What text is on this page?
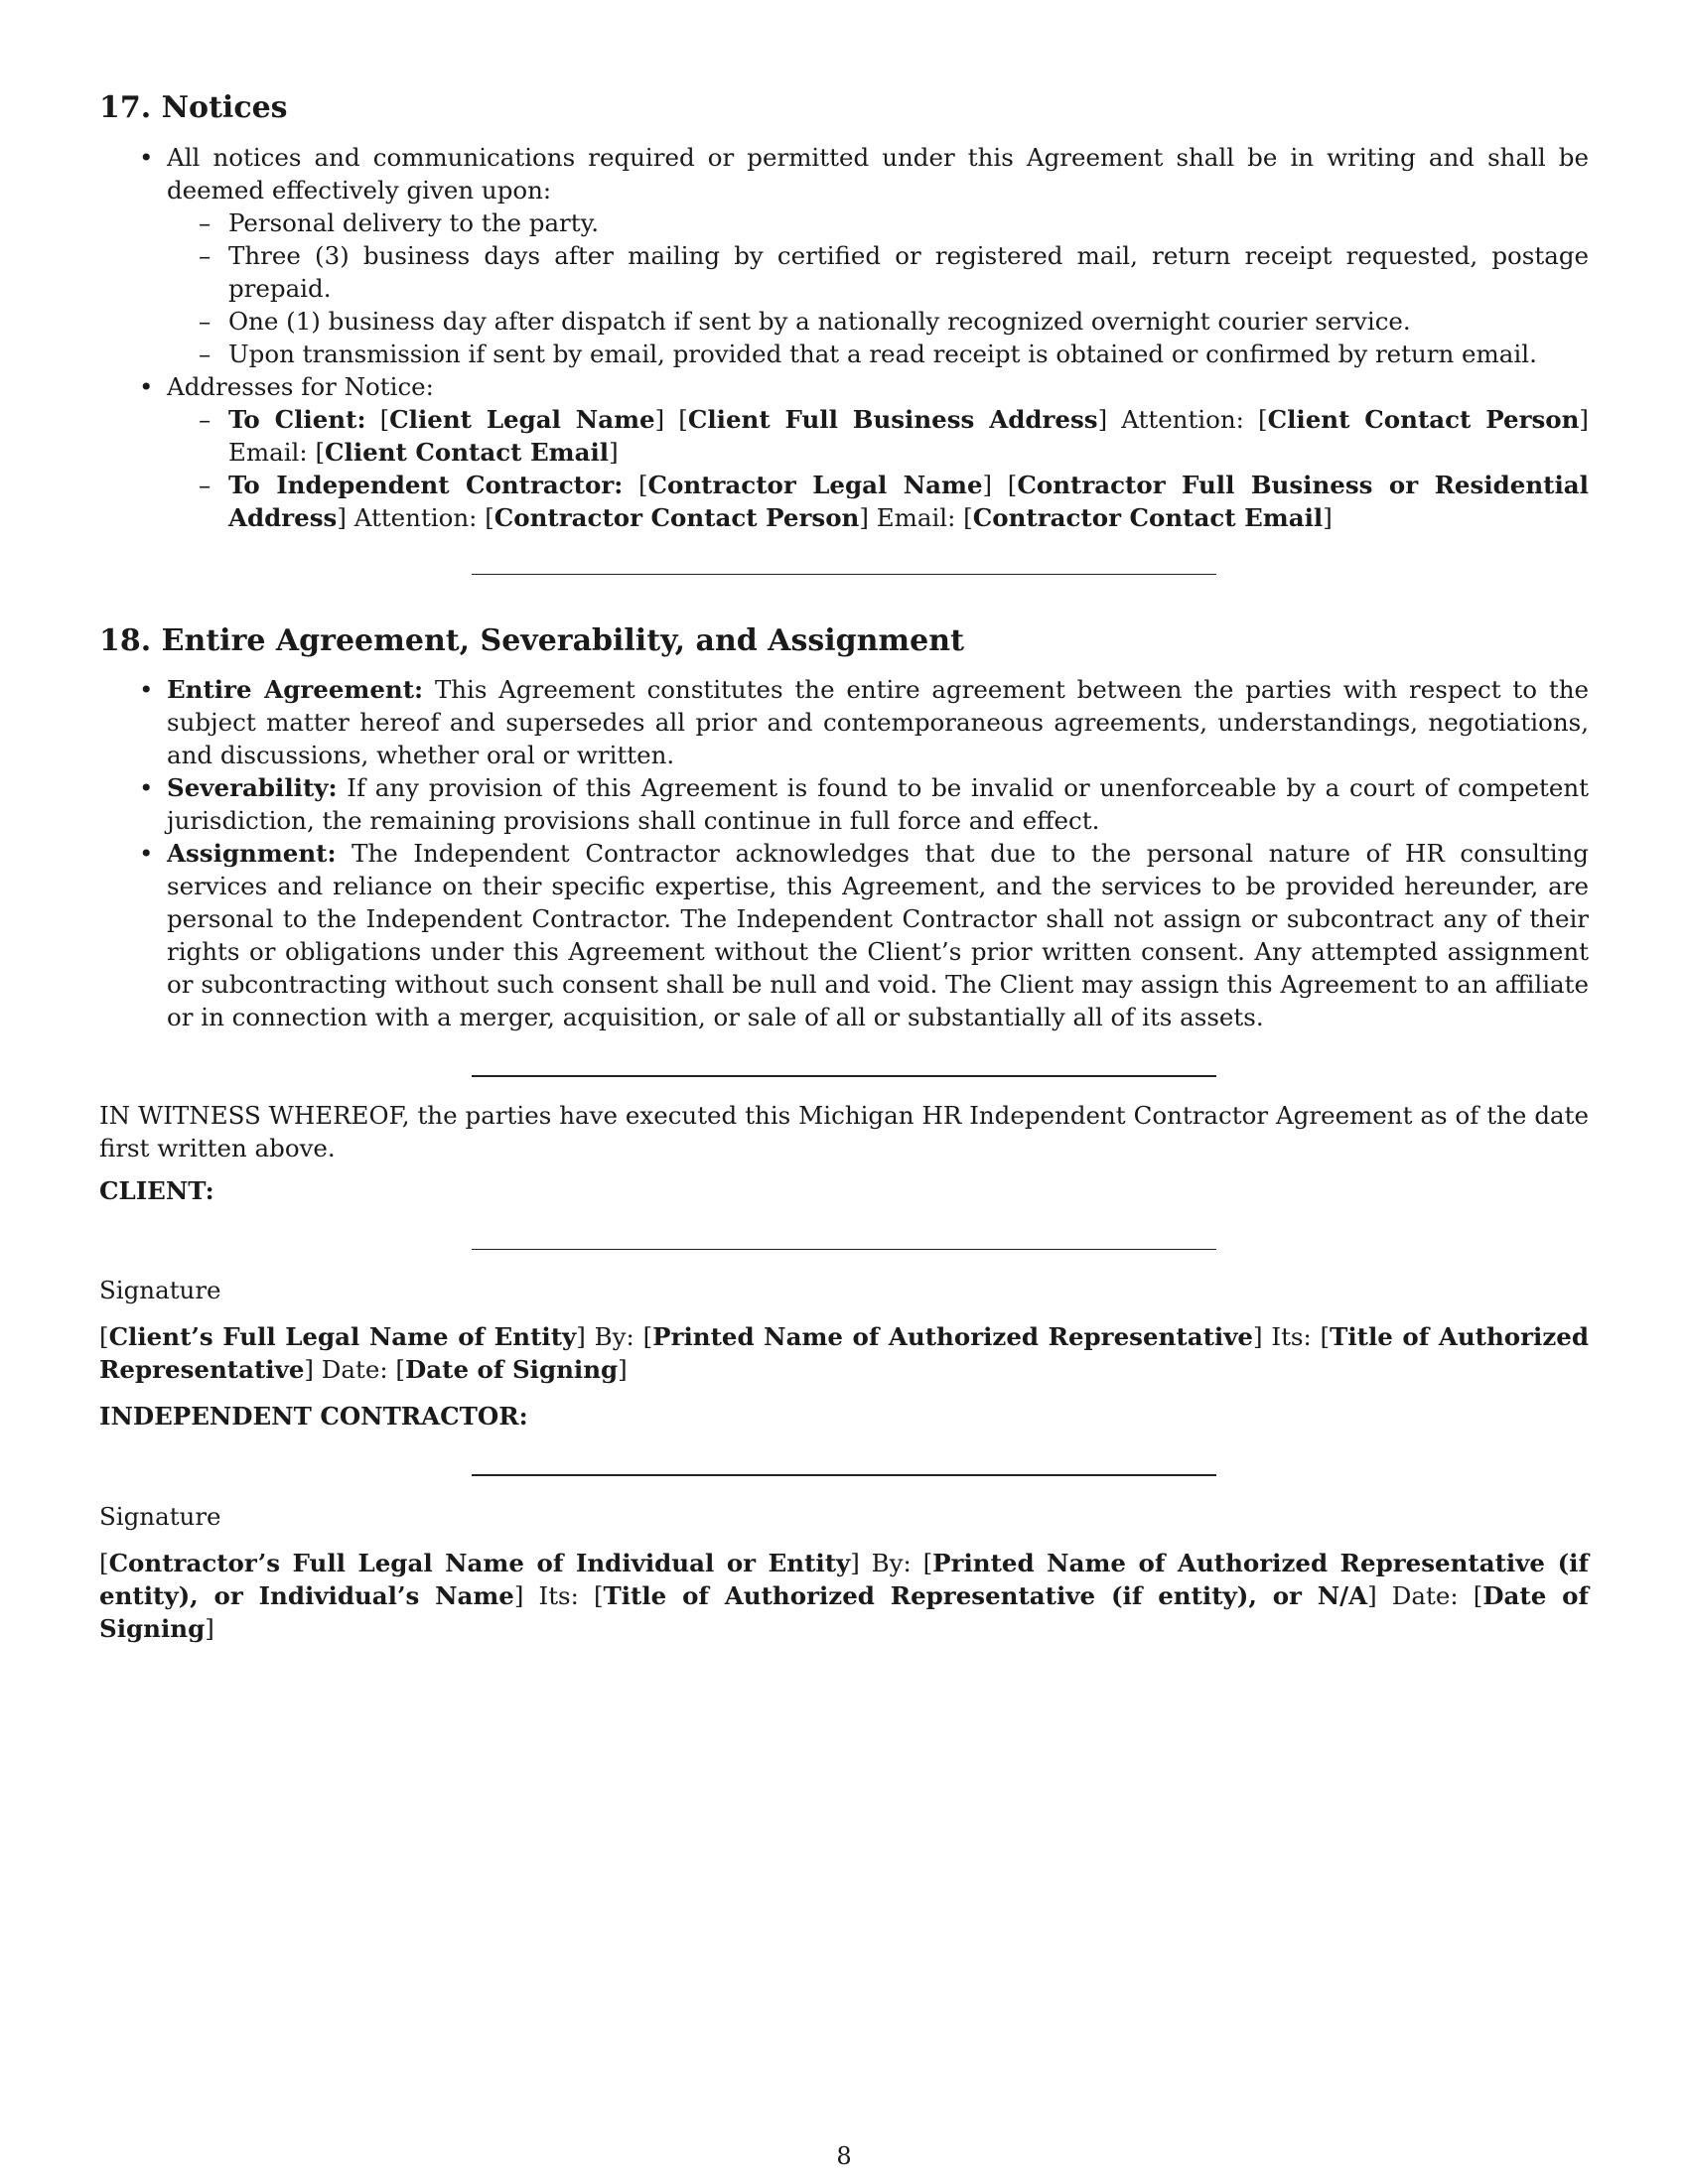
17. Notices
• All notices and communications required or permitted under this Agreement shall be in writing and shall be deemed effectively given upon:
– Personal delivery to the party.
– Three (3) business days after mailing by certified or registered mail, return receipt requested, postage prepaid.
– One (1) business day after dispatch if sent by a nationally recognized overnight courier service.
– Upon transmission if sent by email, provided that a read receipt is obtained or confirmed by return email.
• Addresses for Notice:
– To Client: [Client Legal Name] [Client Full Business Address] Attention: [Client Contact Person] Email: [Client Contact Email]
– To Independent Contractor: [Contractor Legal Name] [Contractor Full Business or Residential Address] Attention: [Contractor Contact Person] Email: [Contractor Contact Email]
18. Entire Agreement, Severability, and Assignment
• Entire Agreement: This Agreement constitutes the entire agreement between the parties with respect to the subject matter hereof and supersedes all prior and contemporaneous agreements, understandings, negotiations, and discussions, whether oral or written.
• Severability: If any provision of this Agreement is found to be invalid or unenforceable by a court of competent jurisdiction, the remaining provisions shall continue in full force and effect.
• Assignment: The Independent Contractor acknowledges that due to the personal nature of HR consulting services and reliance on their specific expertise, this Agreement, and the services to be provided hereunder, are personal to the Independent Contractor. The Independent Contractor shall not assign or subcontract any of their rights or obligations under this Agreement without the Client’s prior written consent. Any attempted assignment or subcontracting without such consent shall be null and void. The Client may assign this Agreement to an affiliate or in connection with a merger, acquisition, or sale of all or substantially all of its assets.

IN WITNESS WHEREOF, the parties have executed this Michigan HR Independent Contractor Agreement as of the date first written above.

CLIENT:

Signature

[Client’s Full Legal Name of Entity] By: [Printed Name of Authorized Representative] Its: [Title of Authorized Representative] Date: [Date of Signing]

INDEPENDENT CONTRACTOR:

Signature

[Contractor’s Full Legal Name of Individual or Entity] By: [Printed Name of Authorized Representative (if entity), or Individual’s Name] Its: [Title of Authorized Representative (if entity), or N/A] Date: [Date of Signing]

8
